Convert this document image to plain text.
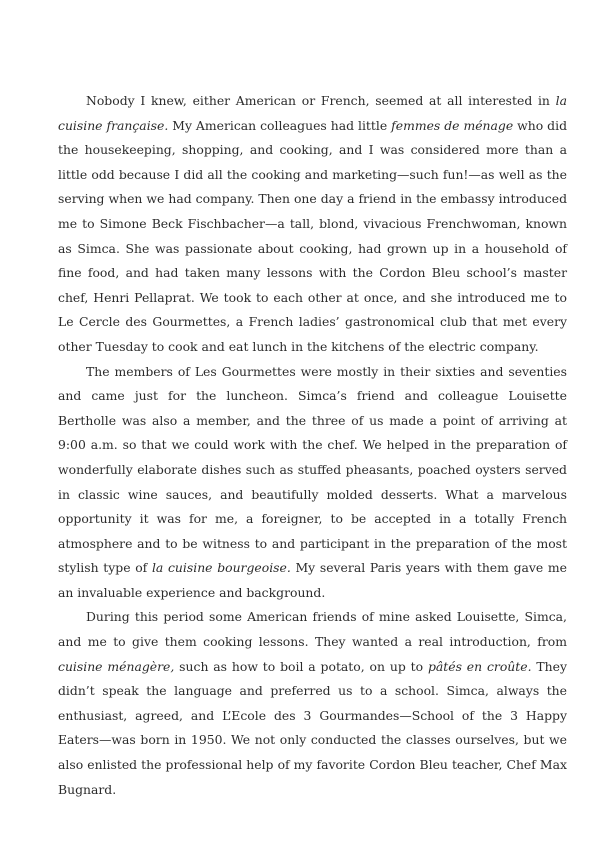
Nobody I knew, either American or French, seemed at all interested in la cuisine française. My American colleagues had little femmes de ménage who did the housekeeping, shopping, and cooking, and I was considered more than a little odd because I did all the cooking and marketing—such fun!—as well as the serving when we had company. Then one day a friend in the embassy introduced me to Simone Beck Fischbacher—a tall, blond, vivacious Frenchwoman, known as Simca. She was passionate about cooking, had grown up in a household of fine food, and had taken many lessons with the Cordon Bleu school’s master chef, Henri Pellaprat. We took to each other at once, and she introduced me to Le Cercle des Gourmettes, a French ladies’ gastronomical club that met every other Tuesday to cook and eat lunch in the kitchens of the electric company.

The members of Les Gourmettes were mostly in their sixties and seventies and came just for the luncheon. Simca’s friend and colleague Louisette Bertholle was also a member, and the three of us made a point of arriving at 9:00 a.m. so that we could work with the chef. We helped in the preparation of wonderfully elaborate dishes such as stuffed pheasants, poached oysters served in classic wine sauces, and beautifully molded desserts. What a marvelous opportunity it was for me, a foreigner, to be accepted in a totally French atmosphere and to be witness to and participant in the preparation of the most stylish type of la cuisine bourgeoise. My several Paris years with them gave me an invaluable experience and background.

During this period some American friends of mine asked Louisette, Simca, and me to give them cooking lessons. They wanted a real introduction, from cuisine ménagère, such as how to boil a potato, on up to pâtés en croûte. They didn’t speak the language and preferred us to a school. Simca, always the enthusiast, agreed, and L’Ecole des 3 Gourmandes—School of the 3 Happy Eaters—was born in 1950. We not only conducted the classes ourselves, but we also enlisted the professional help of my favorite Cordon Bleu teacher, Chef Max Bugnard.
